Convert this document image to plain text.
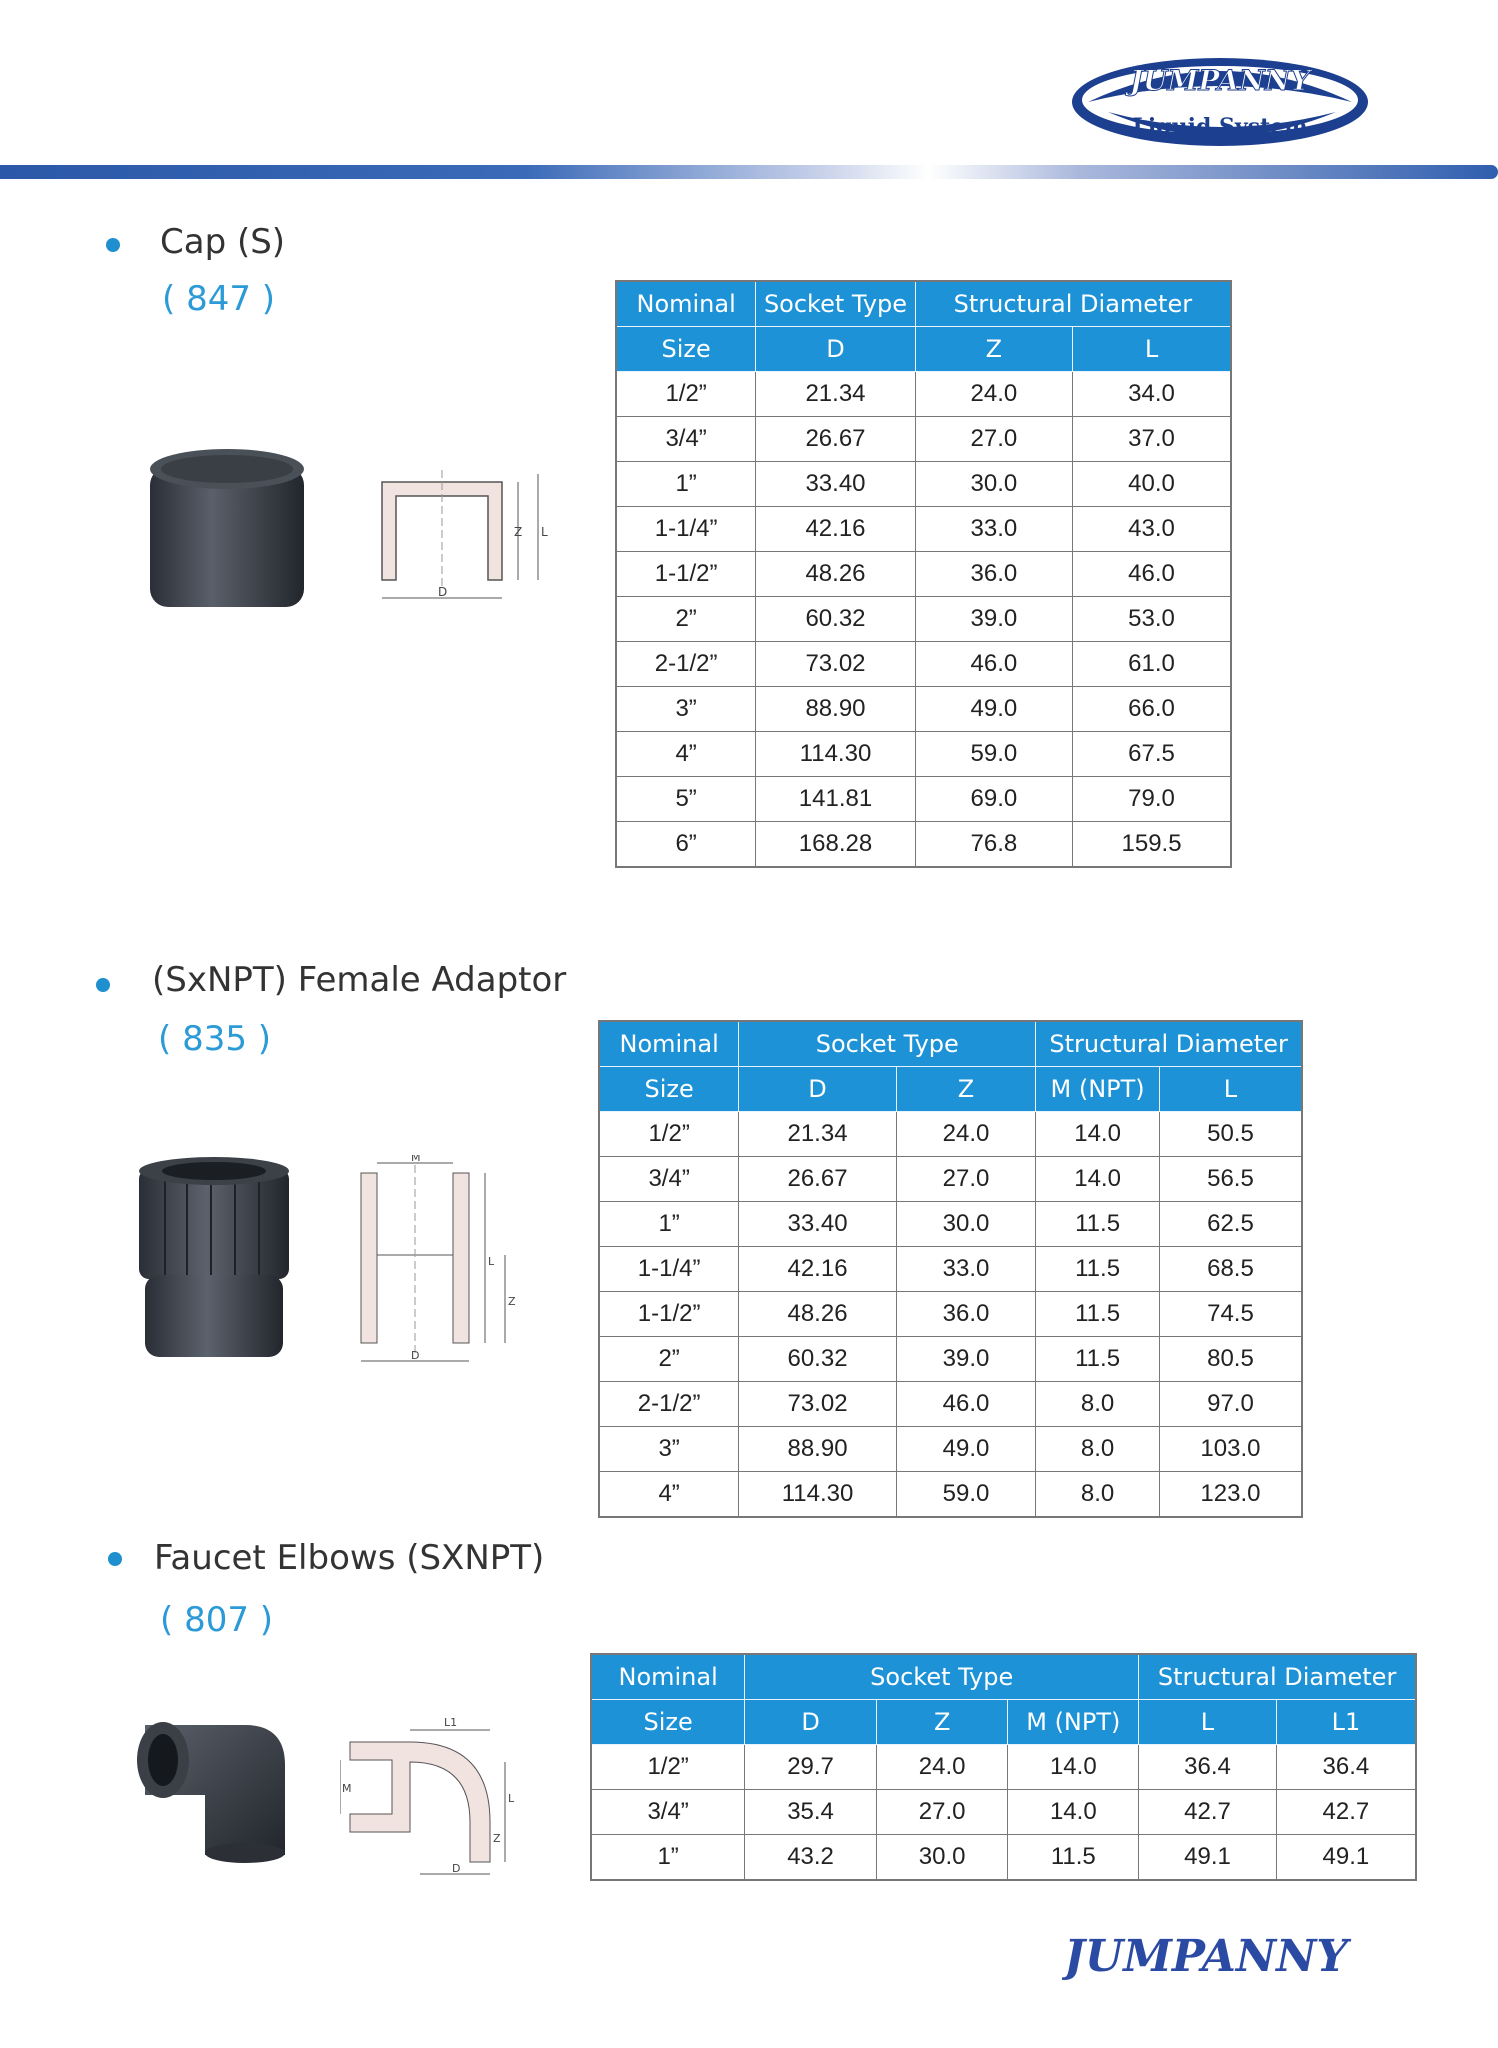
JUMPANNY
Liquid System
Cap (S)
( 847 )
Z L
D
Nominal	Socket Type	Structural Diameter	
Size	D	Z	L
1/2”	21.34	24.0	34.0
3/4”	26.67	27.0	37.0
1”	33.40	30.0	40.0
1-1/4”	42.16	33.0	43.0
1-1/2”	48.26	36.0	46.0
2”	60.32	39.0	53.0
2-1/2”	73.02	46.0	61.0
3”	88.90	49.0	66.0
4”	114.30	59.0	67.5
5”	141.81	69.0	79.0
6”	168.28	76.8	159.5
(SxNPT) Female Adaptor
( 835 )
M
L
Z
D
Nominal	Socket Type		Structural Diameter	
Size	D	Z	M (NPT)	L
1/2”	21.34	24.0	14.0	50.5
3/4”	26.67	27.0	14.0	56.5
1”	33.40	30.0	11.5	62.5
1-1/4”	42.16	33.0	11.5	68.5
1-1/2”	48.26	36.0	11.5	74.5
2”	60.32	39.0	11.5	80.5
2-1/2”	73.02	46.0	8.0	97.0
3”	88.90	49.0	8.0	103.0
4”	114.30	59.0	8.0	123.0
Faucet Elbows (SXNPT)
( 807 )
L1
M
L
Z
D
Nominal	Socket Type			Structural Diameter	
Size	D	Z	M (NPT)	L	L1
1/2”	29.7	24.0	14.0	36.4	36.4
3/4”	35.4	27.0	14.0	42.7	42.7
1”	43.2	30.0	11.5	49.1	49.1
JUMPANNY
